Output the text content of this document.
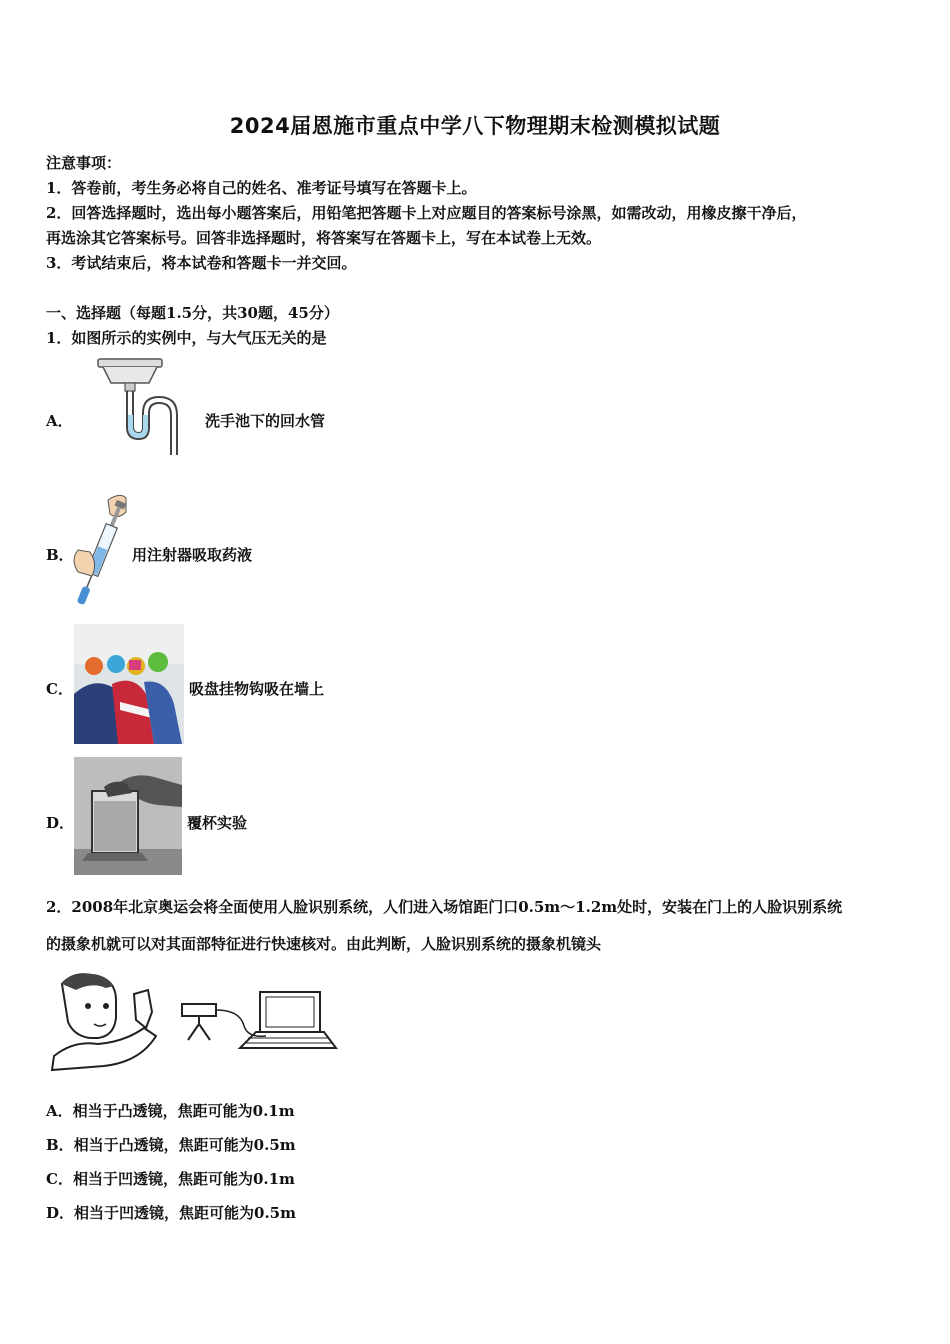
2024届恩施市重点中学八下物理期末检测模拟试题
注意事项：
1．答卷前，考生务必将自己的姓名、准考证号填写在答题卡上。
2．回答选择题时，选出每小题答案后，用铅笔把答题卡上对应题目的答案标号涂黑，如需改动，用橡皮擦干净后，
再选涂其它答案标号。回答非选择题时，将答案写在答题卡上，写在本试卷上无效。
3．考试结束后，将本试卷和答题卡一并交回。
一、选择题（每题1.5分，共30题，45分）
1．如图所示的实例中，与大气压无关的是
A．	洗手池下的回水管
B．	用注射器吸取药液
C．	吸盘挂物钩吸在墙上
D．	覆杯实验
2．2008年北京奥运会将全面使用人脸识别系统，人们进入场馆距门口0.5m～1.2m处时，安装在门上的人脸识别系统
的摄象机就可以对其面部特征进行快速核对。由此判断，人脸识别系统的摄象机镜头
A．相当于凸透镜，焦距可能为0.1m
B．相当于凸透镜，焦距可能为0.5m
C．相当于凹透镜，焦距可能为0.1m
D．相当于凹透镜，焦距可能为0.5m
